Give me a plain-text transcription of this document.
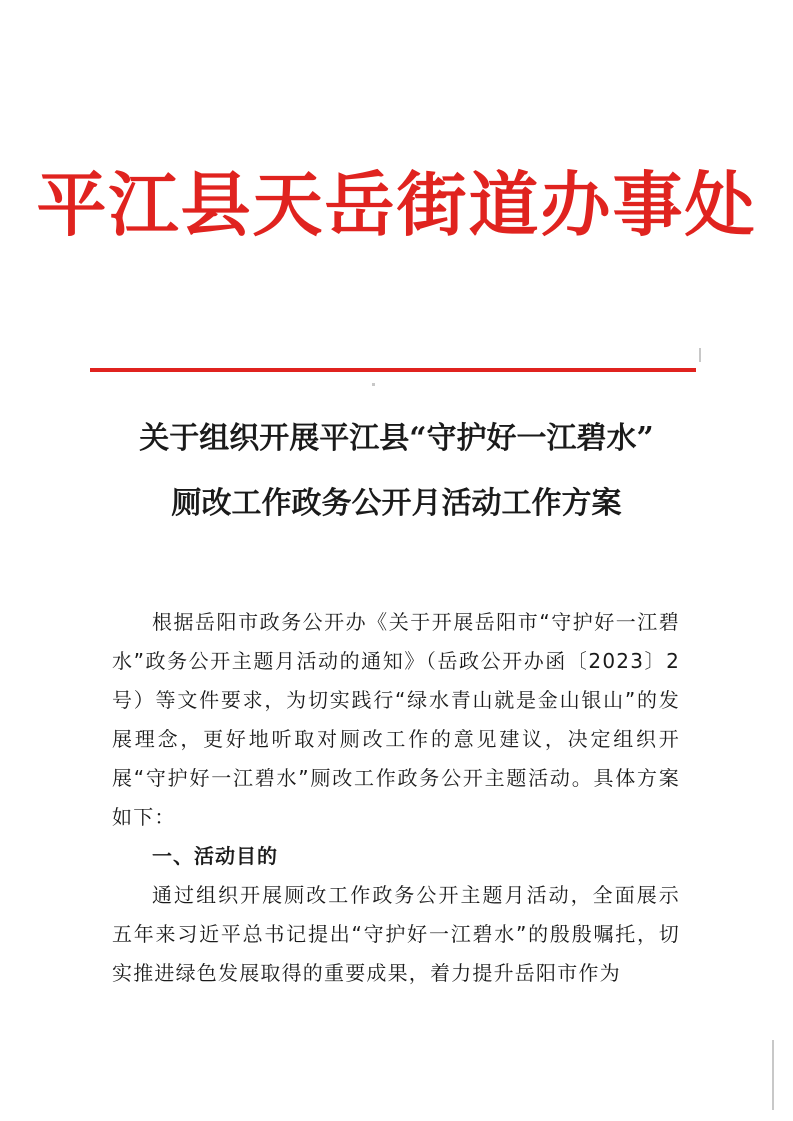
平江县天岳街道办事处
关于组织开展平江县“守护好一江碧水”
厕改工作政务公开月活动工作方案

根据岳阳市政务公开办《关于开展岳阳市“守护好一江碧水”政务公开主题月活动的通知》（岳政公开办函〔2023〕2号）等文件要求，为切实践行“绿水青山就是金山银山”的发展理念，更好地听取对厕改工作的意见建议，决定组织开展“守护好一江碧水”厕改工作政务公开主题活动。具体方案如下：

一、活动目的

通过组织开展厕改工作政务公开主题月活动，全面展示五年来习近平总书记提出“守护好一江碧水”的殷殷嘱托，切实推进绿色发展取得的重要成果，着力提升岳阳市作为
